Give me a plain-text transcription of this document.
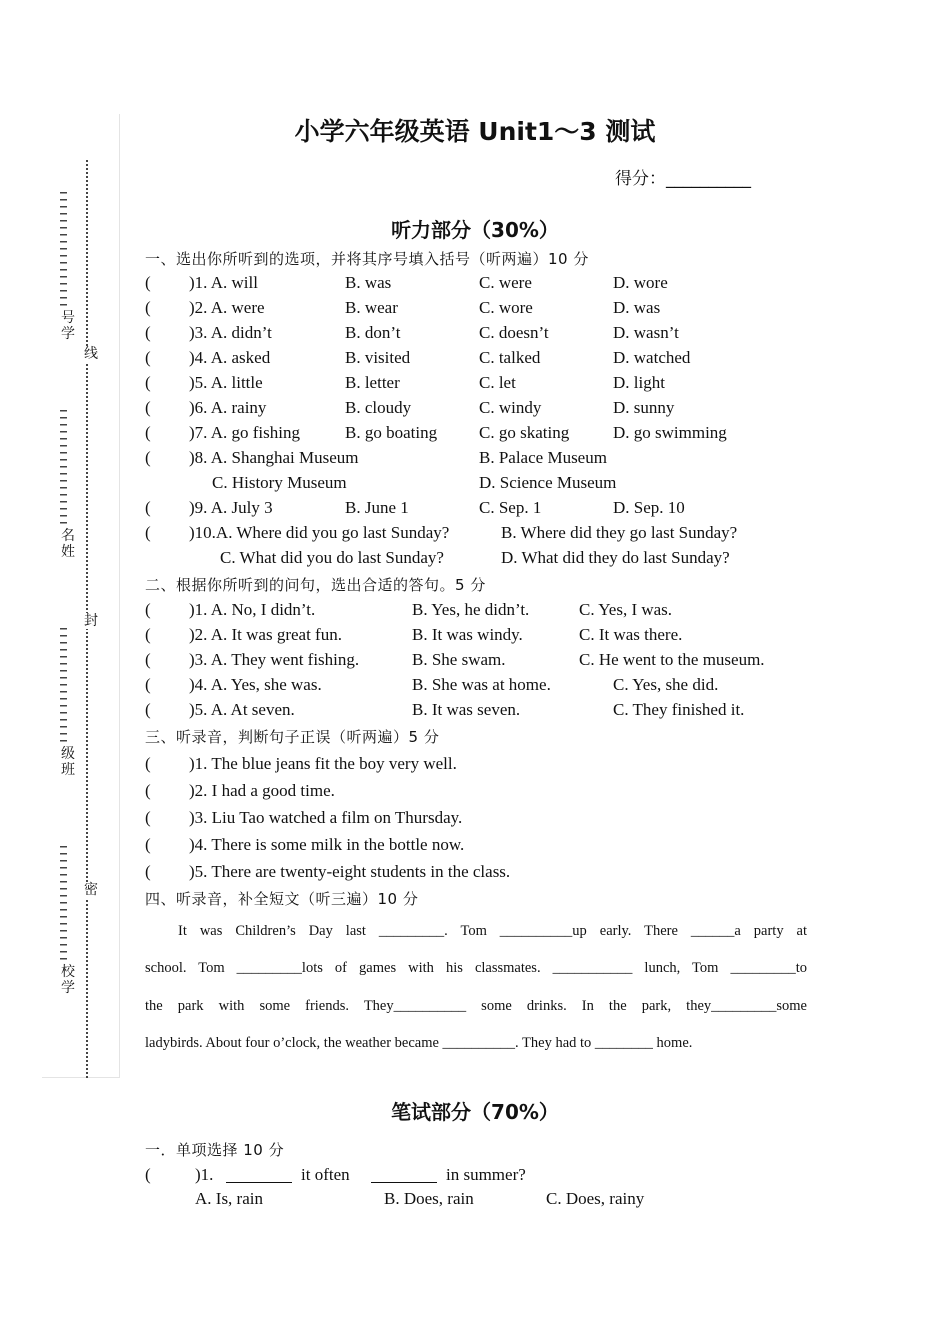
号
学
名
姓
级
班
校
学
线
封
密
小学六年级英语 Unit1～3 测试
得分：__________
听力部分（30%）
一、选出你所听到的选项，并将其序号填入括号（听两遍）10 分
( )1. A. will	B. was	C. were	D. wore
( )2. A. were	B. wear	C. wore	D. was
( )3. A. didn’t	B. don’t	C. doesn’t	D. wasn’t
( )4. A. asked	B. visited	C. talked	D. watched
( )5. A. little	B. letter	C. let	D. light
( )6. A. rainy	B. cloudy	C. windy	D. sunny
( )7. A. go fishing	B. go boating C. go skating	D. go swimming
( )8. A. Shanghai Museum	B. Palace Museum
C. History Museum	D. Science Museum
( )9. A. July 3	B. June 1	C. Sep. 1	D. Sep. 10
( )10.A. Where did you go last Sunday?	B. Where did they go last Sunday?
C. What did you do last Sunday?	D. What did they do last Sunday?
二、根据你所听到的问句，选出合适的答句。5 分
( )1. A. No, I didn’t.	B. Yes, he didn’t.	C. Yes, I was.
( )2. A. It was great fun.	B. It was windy.	C. It was there.
( )3. A. They went fishing.	B. She swam.	C. He went to the museum.
( )4. A. Yes, she was.	B. She was at home.	C. Yes, she did.
( )5. A. At seven.	B. It was seven.	C. They finished it.
三、听录音，判断句子正误（听两遍）5 分
( )1. The blue jeans fit the boy very well.
( )2. I had a good time.
( )3. Liu Tao watched a film on Thursday.
( )4. There is some milk in the bottle now.
( )5. There are twenty-eight students in the class.
四、听录音，补全短文（听三遍）10 分
It was Children’s Day last _________. Tom __________up early. There ______a party at
school. Tom _________lots of games with his classmates. ___________ lunch, Tom _________to
the park with some friends. They__________ some drinks. In the park, they_________some
ladybirds. About four o’clock, the weather became __________. They had to ________ home.
笔试部分（70%）
一．单项选择 10 分
(	)1.	it often	in summer?
A. Is, rain	B. Does, rain	C. Does, rainy
